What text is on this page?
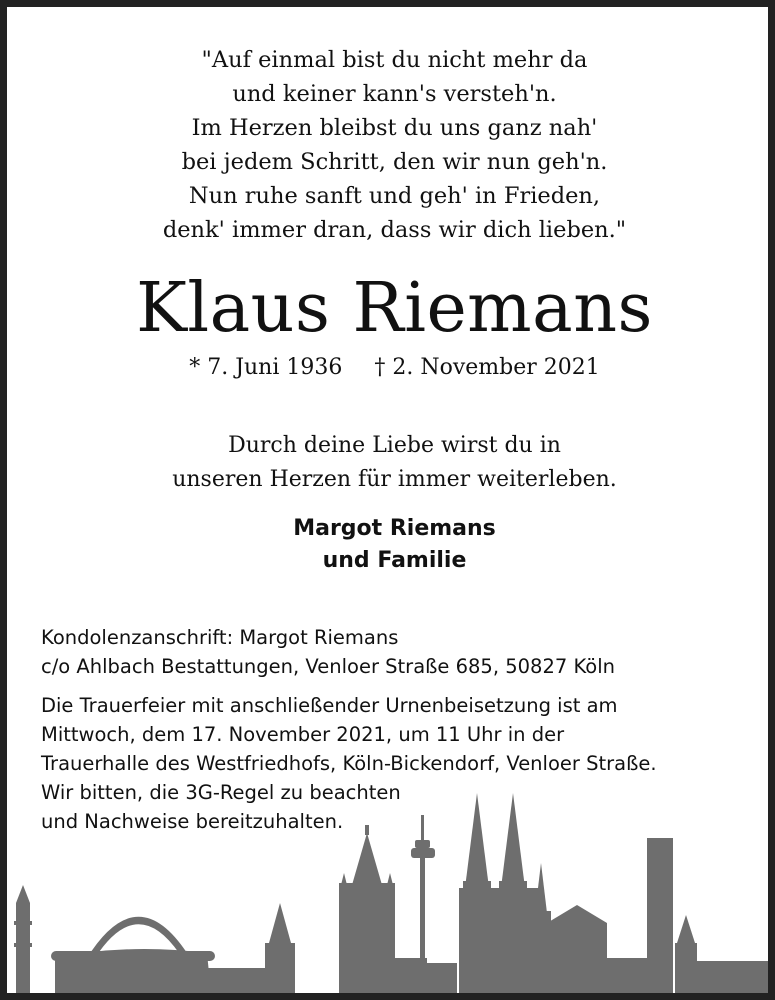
"Auf einmal bist du nicht mehr da
und keiner kann's versteh'n.
Im Herzen bleibst du uns ganz nah'
bei jedem Schritt, den wir nun geh'n.
Nun ruhe sanft und geh' in Frieden,
denk' immer dran, dass wir dich lieben."
Klaus Riemans
* 7. Juni 1936 † 2. November 2021
Durch deine Liebe wirst du in
unseren Herzen für immer weiterleben.
Margot Riemans
und Familie
Kondolenzanschrift: Margot Riemans
c/o Ahlbach Bestattungen, Venloer Straße 685, 50827 Köln
Die Trauerfeier mit anschließender Urnenbeisetzung ist am
Mittwoch, dem 17. November 2021, um 11 Uhr in der
Trauerhalle des Westfriedhofs, Köln-Bickendorf, Venloer Straße.
Wir bitten, die 3G-Regel zu beachten
und Nachweise bereitzuhalten.
